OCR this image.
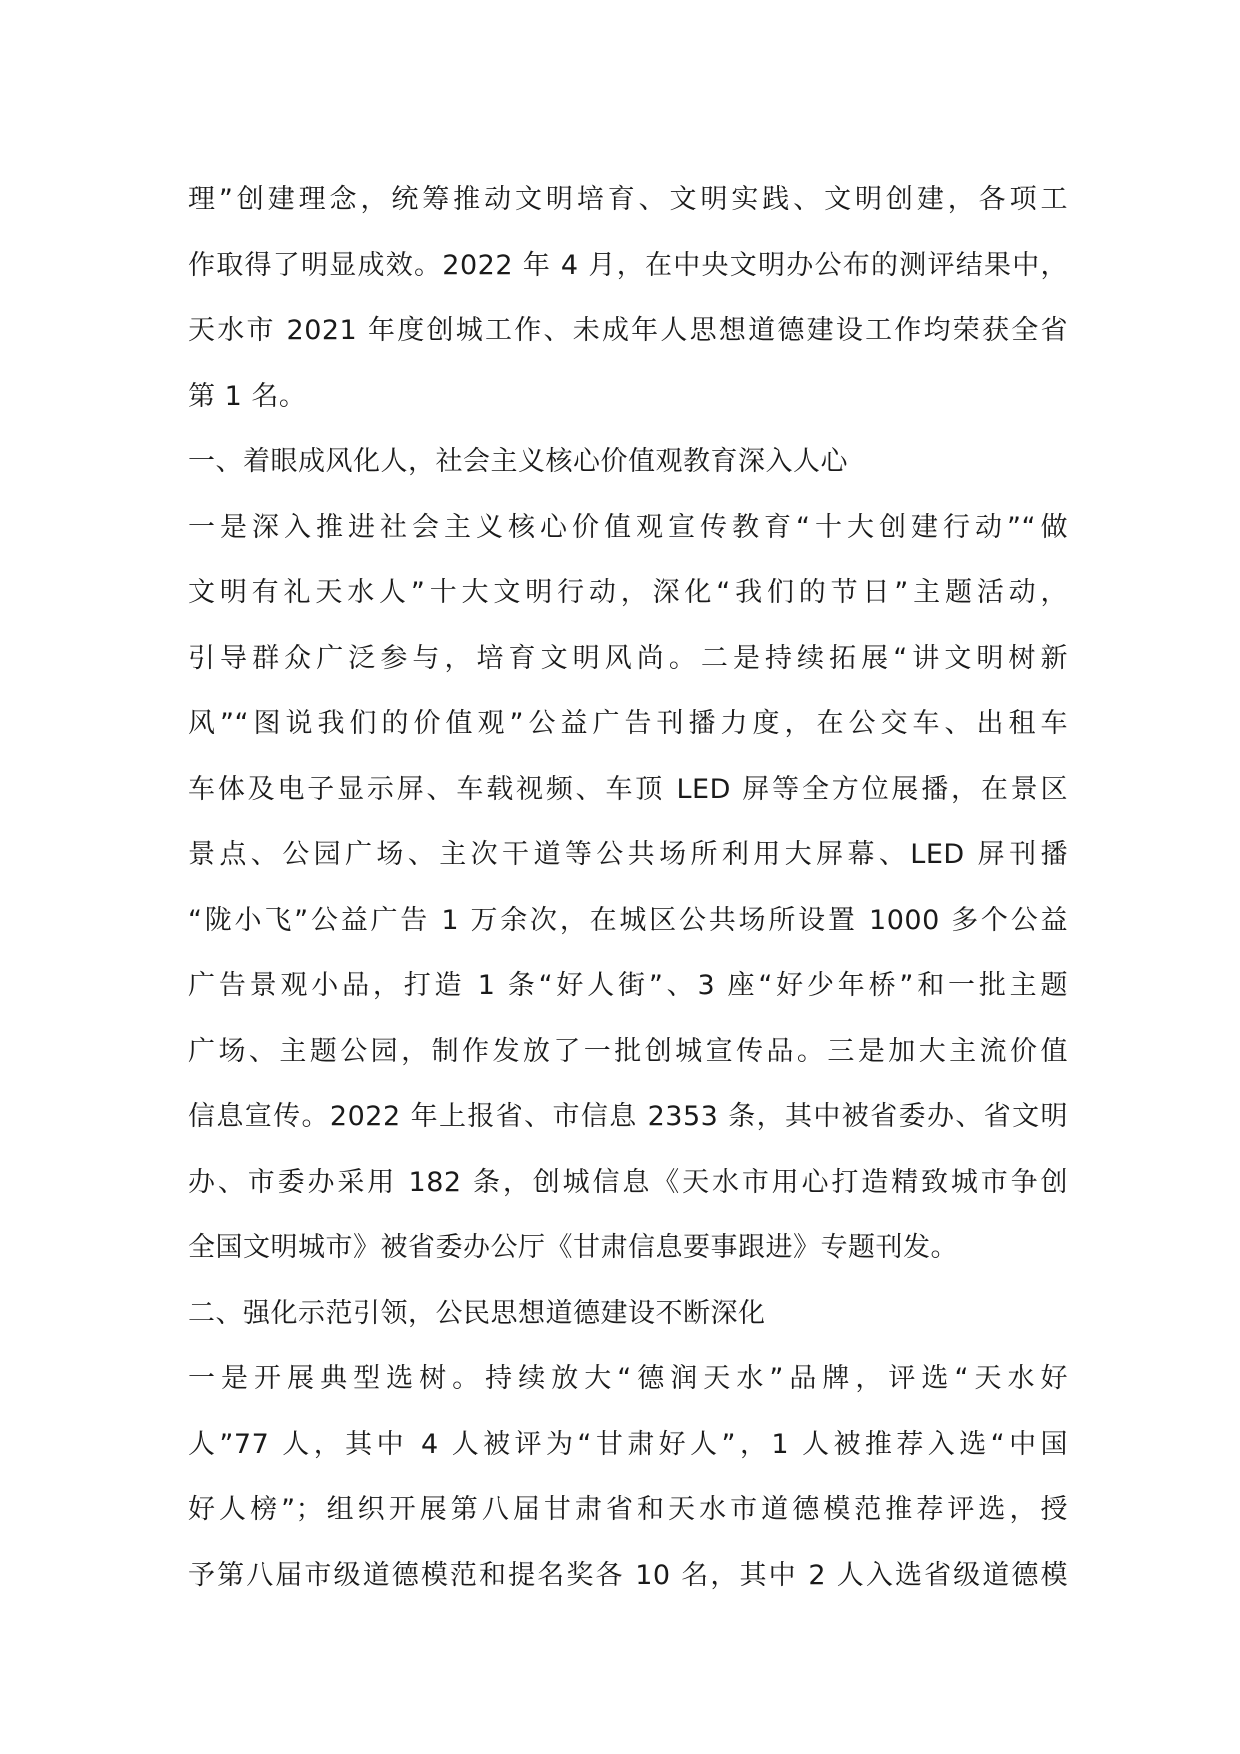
理”创建理念，统筹推动文明培育、文明实践、文明创建，各项工
作取得了明显成效。2022 年 4 月，在中央文明办公布的测评结果中，
天水市 2021 年度创城工作、未成年人思想道德建设工作均荣获全省
第 1 名。
一、着眼成风化人，社会主义核心价值观教育深入人心
一是深入推进社会主义核心价值观宣传教育“十大创建行动”“做
文明有礼天水人”十大文明行动，深化“我们的节日”主题活动，
引导群众广泛参与，培育文明风尚。二是持续拓展“讲文明树新
风”“图说我们的价值观”公益广告刊播力度，在公交车、出租车
车体及电子显示屏、车载视频、车顶 LED 屏等全方位展播，在景区
景点、公园广场、主次干道等公共场所利用大屏幕、LED 屏刊播
“陇小飞”公益广告 1 万余次，在城区公共场所设置 1000 多个公益
广告景观小品，打造 1 条“好人街”、3 座“好少年桥”和一批主题
广场、主题公园，制作发放了一批创城宣传品。三是加大主流价值
信息宣传。2022 年上报省、市信息 2353 条，其中被省委办、省文明
办、市委办采用 182 条，创城信息《天水市用心打造精致城市争创
全国文明城市》被省委办公厅《甘肃信息要事跟进》专题刊发。
二、强化示范引领，公民思想道德建设不断深化
一是开展典型选树。持续放大“德润天水”品牌，评选“天水好
人”77 人，其中 4 人被评为“甘肃好人”，1 人被推荐入选“中国
好人榜”；组织开展第八届甘肃省和天水市道德模范推荐评选，授
予第八届市级道德模范和提名奖各 10 名，其中 2 人入选省级道德模
